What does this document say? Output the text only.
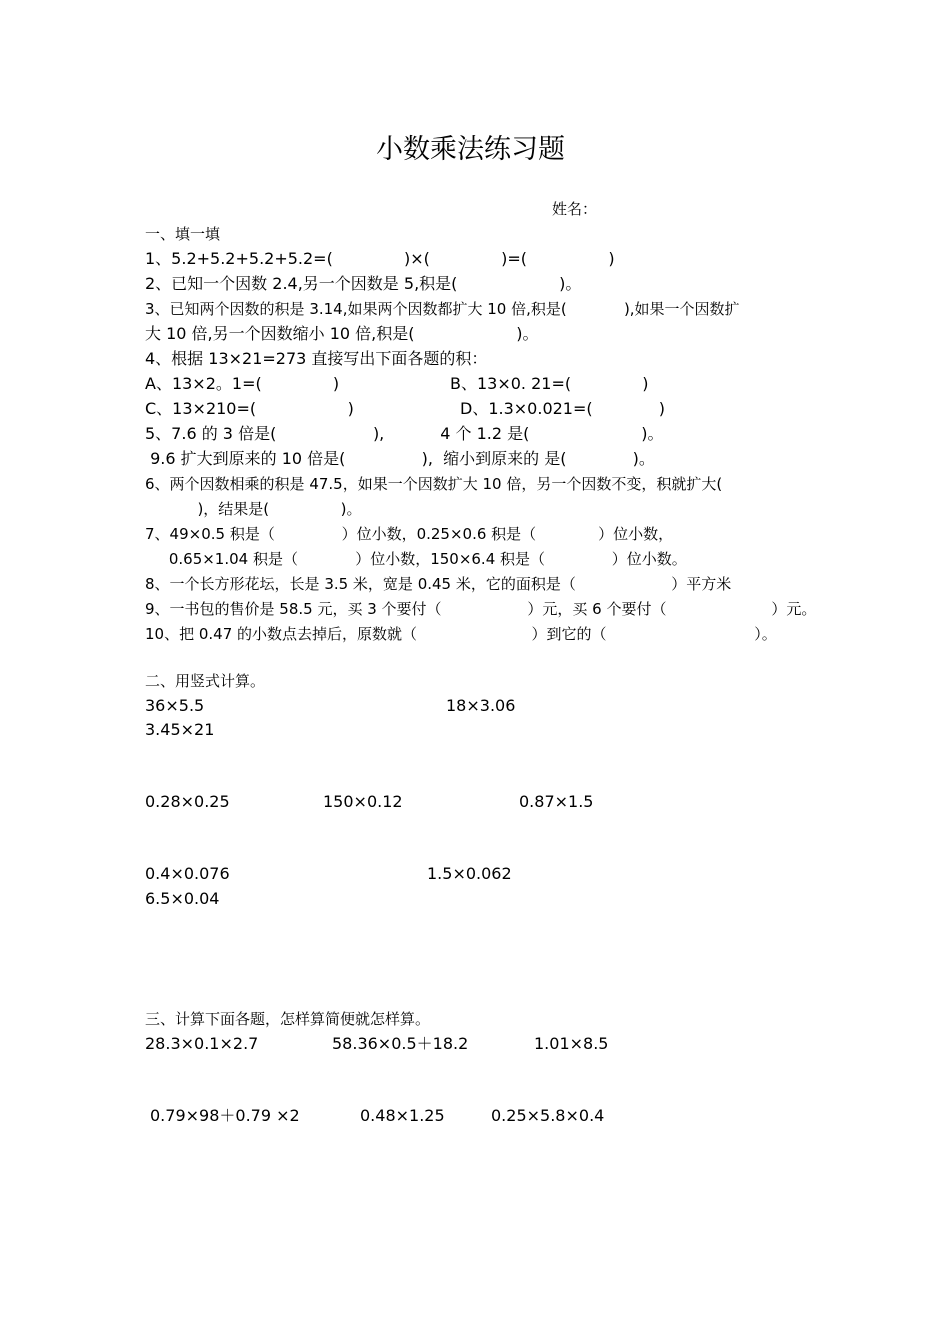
小数乘法练习题
姓名：
一、填一填
1、5.2+5.2+5.2+5.2=(              )×(              )=(                )
2、已知一个因数 2.4,另一个因数是 5,积是(                    )。
3、已知两个因数的积是 3.14,如果两个因数都扩大 10 倍,积是(            ),如果一个因数扩
大 10 倍,另一个因数缩小 10 倍,积是(                    )。
4、根据 13×21=273 直接写出下面各题的积：
A、13×2。1=(              )	B、13×0. 21=(              )
C、13×210=(                  )	D、1.3×0.021=(             )
5、7.6 的 3 倍是(                   ),           4 个 1.2 是(                      )。
9.6 扩大到原来的 10 倍是(               ),  缩小到原来的 是(             )。
6、两个因数相乘的积是 47.5，如果一个因数扩大 10 倍，另一个因数不变，积就扩大(
)，结果是(               )。
7、49×0.5 积是（              ）位小数，0.25×0.6 积是（             ）位小数，
0.65×1.04 积是（            ）位小数，150×6.4 积是（              ）位小数。
8、一个长方形花坛，长是 3.5 米，宽是 0.45 米，它的面积是（                    ）平方米
9、一书包的售价是 58.5 元，买 3 个要付（                  ）元，买 6 个要付（                      ）元。
10、把 0.47 的小数点去掉后，原数就（                        ）到它的（                               ）。
二、用竖式计算。
36×5.5	18×3.06
3.45×21
0.28×0.25	150×0.12	0.87×1.5
0.4×0.076	1.5×0.062
6.5×0.04
三、计算下面各题，怎样算简便就怎样算。
28.3×0.1×2.7	58.36×0.5＋18.2	1.01×8.5
0.79×98＋0.79 ×2	0.48×1.25	0.25×5.8×0.4
